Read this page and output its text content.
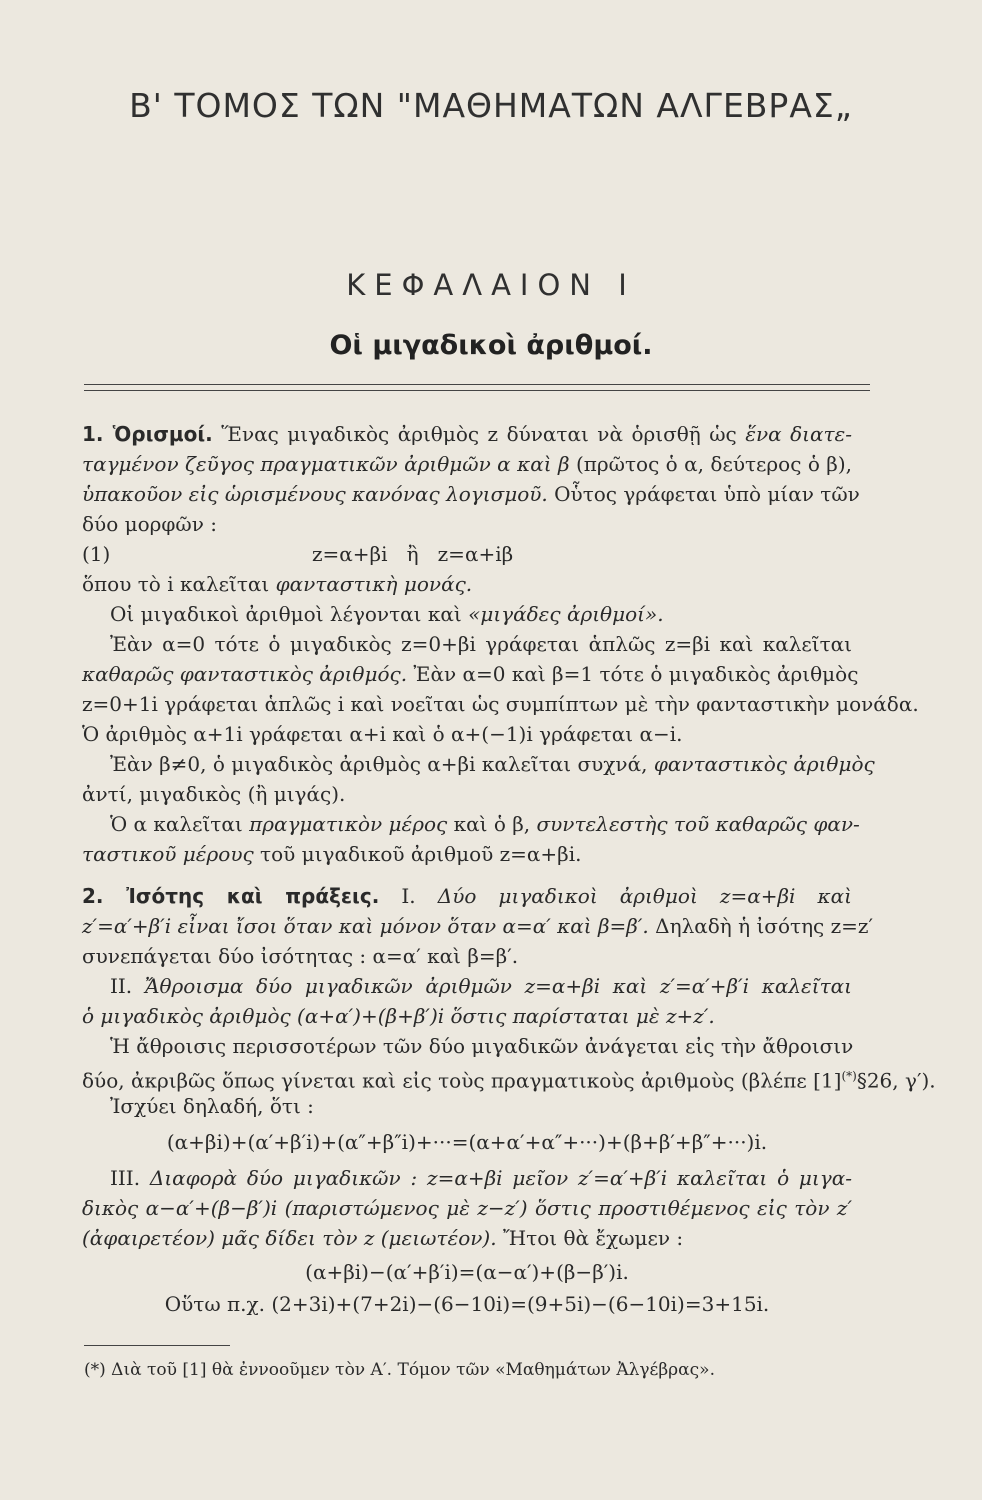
Β' ΤΟΜΟΣ ΤΩΝ "ΜΑΘΗΜΑΤΩΝ ΑΛΓΕΒΡΑΣ„
ΚΕΦΑΛΑΙΟΝ Ι
Οἱ μιγαδικοὶ ἀριθμοί.
1. Ὁρισμοί. Ἕνας μιγαδικὸς ἀριθμὸς z δύναται νὰ ὁρισθῇ ὡς ἕνα διατε-
ταγμένον ζεῦγος πραγματικῶν ἀριθμῶν α καὶ β (πρῶτος ὁ α, δεύτερος ὁ β),
ὑπακοῦον εἰς ὡρισμένους κανόνας λογισμοῦ. Οὗτος γράφεται ὑπὸ μίαν τῶν
δύο μορφῶν :
(1)	z=α+βi   ἢ   z=α+iβ
ὅπου τὸ i καλεῖται φανταστικὴ μονάς.
Οἱ μιγαδικοὶ ἀριθμοὶ λέγονται καὶ «μιγάδες ἀριθμοί».
Ἐὰν α=0 τότε ὁ μιγαδικὸς z=0+βi γράφεται ἁπλῶς z=βi καὶ καλεῖται
καθαρῶς φανταστικὸς ἀριθμός. Ἐὰν α=0 καὶ β=1 τότε ὁ μιγαδικὸς ἀριθμὸς
z=0+1i γράφεται ἁπλῶς i καὶ νοεῖται ὡς συμπίπτων μὲ τὴν φανταστικὴν μονάδα.
Ὁ ἀριθμὸς α+1i γράφεται α+i καὶ ὁ α+(−1)i γράφεται α−i.
Ἐὰν β≠0, ὁ μιγαδικὸς ἀριθμὸς α+βi καλεῖται συχνά, φανταστικὸς ἀριθμὸς
ἀντί, μιγαδικὸς (ἢ μιγάς).
Ὁ α καλεῖται πραγματικὸν μέρος καὶ ὁ β, συντελεστὴς τοῦ καθαρῶς φαν-
ταστικοῦ μέρους τοῦ μιγαδικοῦ ἀριθμοῦ z=α+βi.
2. Ἰσότης καὶ πράξεις. Ι. Δύο μιγαδικοὶ ἀριθμοὶ z=α+βi καὶ
z′=α′+β′i εἶναι ἴσοι ὅταν καὶ μόνον ὅταν α=α′ καὶ β=β′. Δηλαδὴ ἡ ἰσότης z=z′
συνεπάγεται δύο ἰσότητας : α=α′ καὶ β=β′.
ΙΙ. Ἄθροισμα δύο μιγαδικῶν ἀριθμῶν z=α+βi καὶ z′=α′+β′i καλεῖται
ὁ μιγαδικὸς ἀριθμὸς (α+α′)+(β+β′)i ὅστις παρίσταται μὲ z+z′.
Ἡ ἄθροισις περισσοτέρων τῶν δύο μιγαδικῶν ἀνάγεται εἰς τὴν ἄθροισιν
δύο, ἀκριβῶς ὅπως γίνεται καὶ εἰς τοὺς πραγματικοὺς ἀριθμοὺς (βλέπε [1](*)§26, γ′).
Ἰσχύει δηλαδή, ὅτι :
(α+βi)+(α′+β′i)+(α″+β″i)+···=(α+α′+α″+···)+(β+β′+β″+···)i.
ΙΙΙ. Διαφορὰ δύο μιγαδικῶν : z=α+βi μεῖον z′=α′+β′i καλεῖται ὁ μιγα-
δικὸς α−α′+(β−β′)i (παριστώμενος μὲ z−z′) ὅστις προστιθέμενος εἰς τὸν z′
(ἀφαιρετέον) μᾶς δίδει τὸν z (μειωτέον). Ἤτοι θὰ ἔχωμεν :
(α+βi)−(α′+β′i)=(α−α′)+(β−β′)i.
Οὕτω π.χ. (2+3i)+(7+2i)−(6−10i)=(9+5i)−(6−10i)=3+15i.
(*) Διὰ τοῦ [1] θὰ ἐννοοῦμεν τὸν Α′. Τόμον τῶν «Μαθημάτων Ἀλγέβρας».
